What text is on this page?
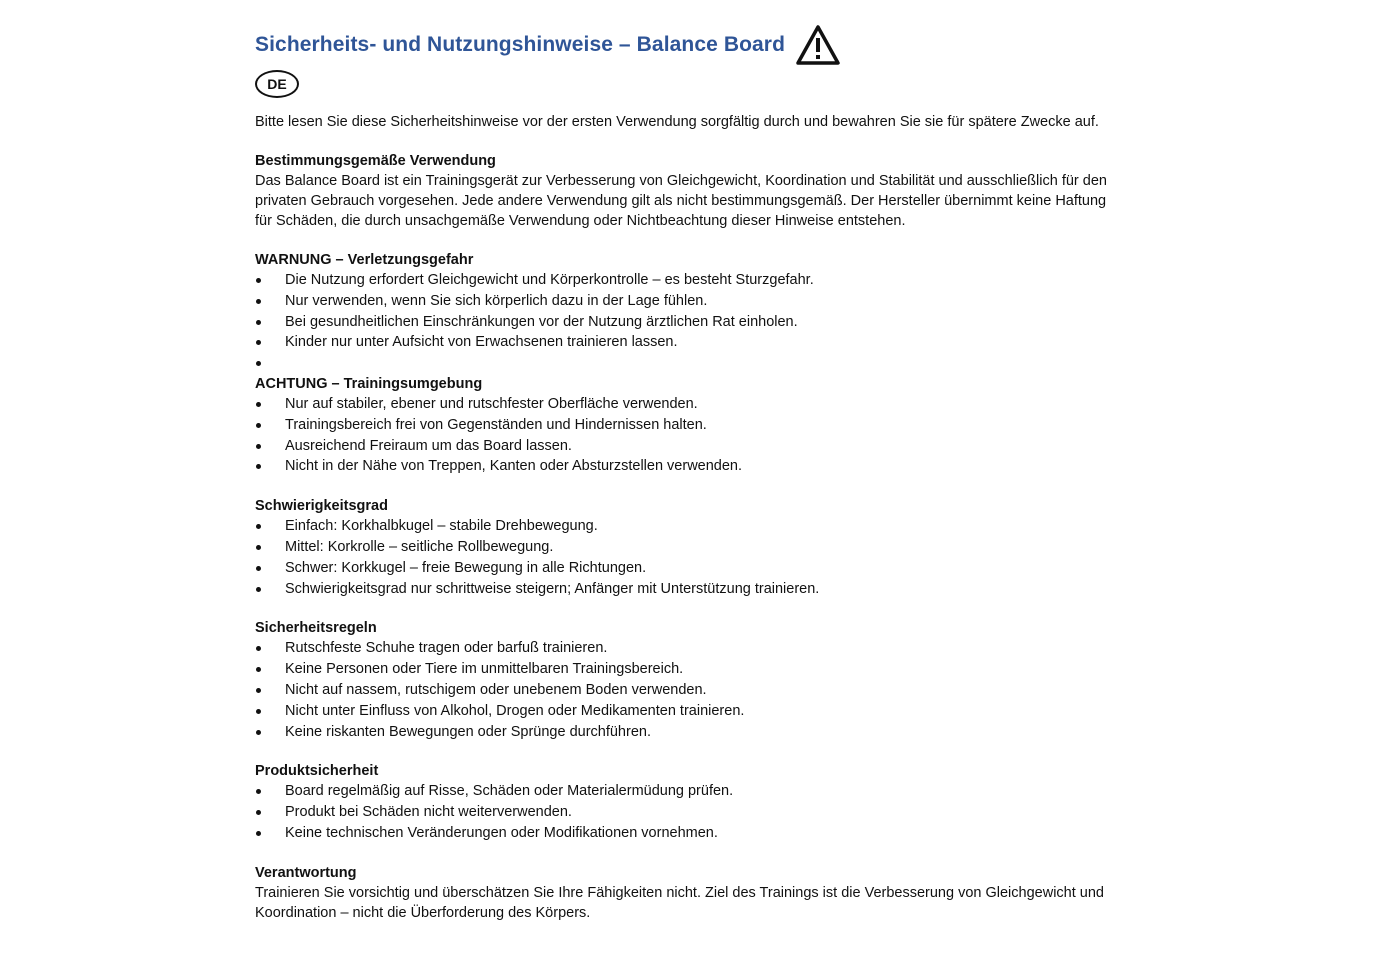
Sicherheits- und Nutzungshinweise – Balance Board
DE
Bitte lesen Sie diese Sicherheitshinweise vor der ersten Verwendung sorgfältig durch und bewahren Sie sie für spätere Zwecke auf.
Bestimmungsgemäße Verwendung
Das Balance Board ist ein Trainingsgerät zur Verbesserung von Gleichgewicht, Koordination und Stabilität und ausschließlich für den
privaten Gebrauch vorgesehen. Jede andere Verwendung gilt als nicht bestimmungsgemäß. Der Hersteller übernimmt keine Haftung
für Schäden, die durch unsachgemäße Verwendung oder Nichtbeachtung dieser Hinweise entstehen.
WARNUNG – Verletzungsgefahr
Die Nutzung erfordert Gleichgewicht und Körperkontrolle – es besteht Sturzgefahr.
Nur verwenden, wenn Sie sich körperlich dazu in der Lage fühlen.
Bei gesundheitlichen Einschränkungen vor der Nutzung ärztlichen Rat einholen.
Kinder nur unter Aufsicht von Erwachsenen trainieren lassen.
ACHTUNG – Trainingsumgebung
Nur auf stabiler, ebener und rutschfester Oberfläche verwenden.
Trainingsbereich frei von Gegenständen und Hindernissen halten.
Ausreichend Freiraum um das Board lassen.
Nicht in der Nähe von Treppen, Kanten oder Absturzstellen verwenden.
Schwierigkeitsgrad
Einfach: Korkhalbkugel – stabile Drehbewegung.
Mittel: Korkrolle – seitliche Rollbewegung.
Schwer: Korkkugel – freie Bewegung in alle Richtungen.
Schwierigkeitsgrad nur schrittweise steigern; Anfänger mit Unterstützung trainieren.
Sicherheitsregeln
Rutschfeste Schuhe tragen oder barfuß trainieren.
Keine Personen oder Tiere im unmittelbaren Trainingsbereich.
Nicht auf nassem, rutschigem oder unebenem Boden verwenden.
Nicht unter Einfluss von Alkohol, Drogen oder Medikamenten trainieren.
Keine riskanten Bewegungen oder Sprünge durchführen.
Produktsicherheit
Board regelmäßig auf Risse, Schäden oder Materialermüdung prüfen.
Produkt bei Schäden nicht weiterverwenden.
Keine technischen Veränderungen oder Modifikationen vornehmen.
Verantwortung
Trainieren Sie vorsichtig und überschätzen Sie Ihre Fähigkeiten nicht. Ziel des Trainings ist die Verbesserung von Gleichgewicht und
Koordination – nicht die Überforderung des Körpers.
